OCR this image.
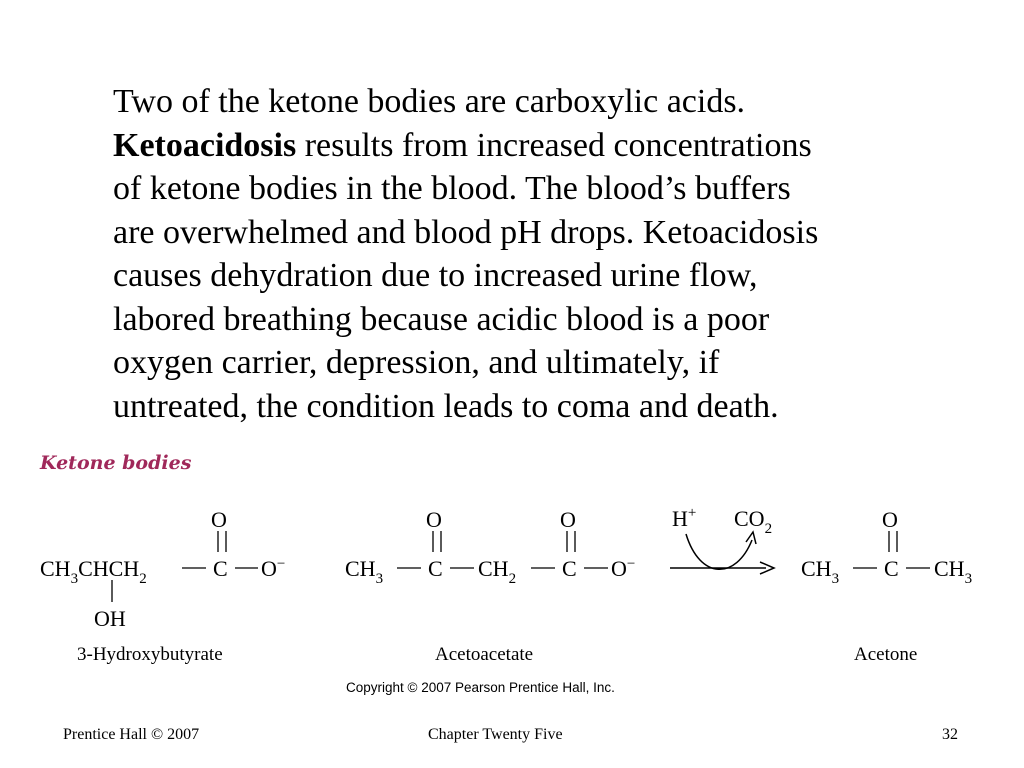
Two of the ketone bodies are carboxylic acids.

Ketoacidosis results from increased concentrations

of ketone bodies in the blood. The blood’s buffers

are overwhelmed and blood pH drops. Ketoacidosis

causes dehydration due to increased urine flow,

labored breathing because acidic blood is a poor

oxygen carrier, depression, and ultimately, if

untreated, the condition leads to coma and death.

Ketone bodies

$CH_3CHCH_2$	C
O
O−
OH
$CH_3$ C
O
$CH_2$ C
O
O−
H+ $CO_2$
$CH_3$ C
O
$CH_3$
3-Hydroxybutyrate	Acetoacetate	Acetone

Copyright © 2007 Pearson Prentice Hall, Inc.

Prentice Hall © 2007	Chapter Twenty Five	32
